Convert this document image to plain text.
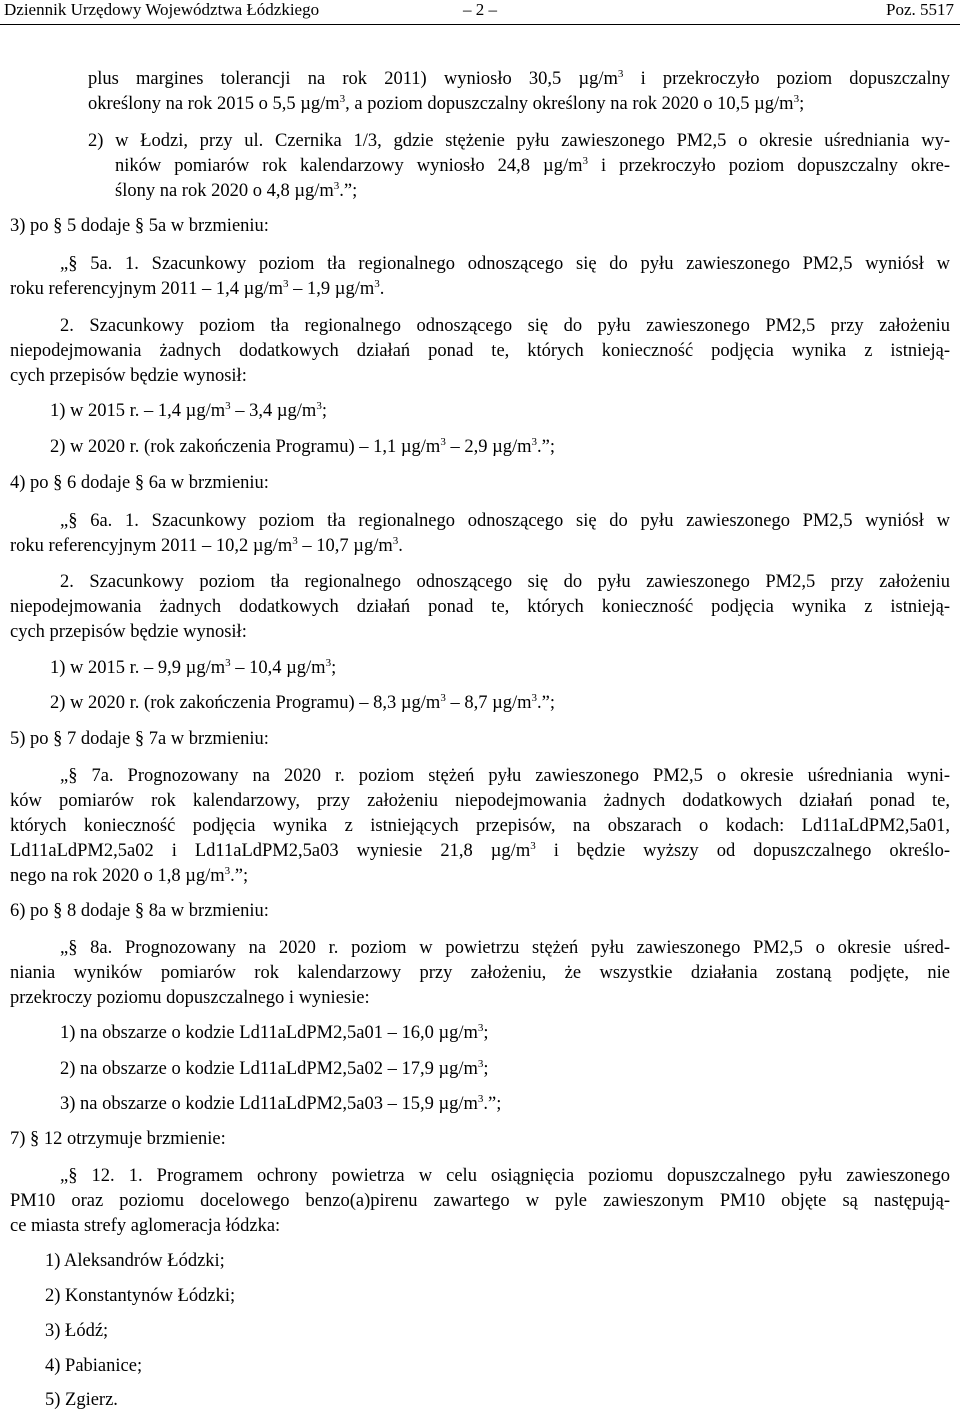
Dziennik Urzędowy Województwa Łódzkiego	– 2 –	Poz. 5517
plus margines tolerancji na rok 2011) wyniosło 30,5 $\mu g/m^3$ i przekroczyło poziom dopuszczalny
określony na rok 2015 o 5,5 $\mu g/m^3$, a poziom dopuszczalny określony na rok 2020 o 10,5 $\mu g/m^3$;
2) w Łodzi, przy ul. Czernika 1/3, gdzie stężenie pyłu zawieszonego PM2,5 o okresie uśredniania wy-
ników pomiarów rok kalendarzowy wyniosło 24,8 $\mu g/m^3$ i przekroczyło poziom dopuszczalny okre-
ślony na rok 2020 o 4,8 $\mu g/m^3$.”;
3) po § 5 dodaje § 5a w brzmieniu:
„§ 5a. 1. Szacunkowy poziom tła regionalnego odnoszącego się do pyłu zawieszonego PM2,5 wyniósł w
roku referencyjnym 2011 – 1,4 $\mu g/m^3 - 1,9$ $\mu g/m^3$.
2. Szacunkowy poziom tła regionalnego odnoszącego się do pyłu zawieszonego PM2,5 przy założeniu
niepodejmowania żadnych dodatkowych działań ponad te, których konieczność podjęcia wynika z istnieją-
cych przepisów będzie wynosił:
1) w 2015 r. – 1,4 $\mu g/m^3 - 3,4$ $\mu g/m^3$;
2) w 2020 r. (rok zakończenia Programu) – 1,1 $\mu g/m^3 - 2,9$ $\mu g/m^3$.”;
4) po § 6 dodaje § 6a w brzmieniu:
„§ 6a. 1. Szacunkowy poziom tła regionalnego odnoszącego się do pyłu zawieszonego PM2,5 wyniósł w
roku referencyjnym 2011 – 10,2 $\mu g/m^3 - 10,7$ $\mu g/m^3$.
2. Szacunkowy poziom tła regionalnego odnoszącego się do pyłu zawieszonego PM2,5 przy założeniu
niepodejmowania żadnych dodatkowych działań ponad te, których konieczność podjęcia wynika z istnieją-
cych przepisów będzie wynosił:
1) w 2015 r. – 9,9 $\mu g/m^3 - 10,4$ $\mu g/m^3$;
2) w 2020 r. (rok zakończenia Programu) – 8,3 $\mu g/m^3 - 8,7$ $\mu g/m^3$.”;
5) po § 7 dodaje § 7a w brzmieniu:
„§ 7a. Prognozowany na 2020 r. poziom stężeń pyłu zawieszonego PM2,5 o okresie uśredniania wyni-
ków pomiarów rok kalendarzowy, przy założeniu niepodejmowania żadnych dodatkowych działań ponad te,
których konieczność podjęcia wynika z istniejących przepisów, na obszarach o kodach: Ld11aLdPM2,5a01,
Ld11aLdPM2,5a02 i Ld11aLdPM2,5a03 wyniesie 21,8 $\mu g/m^3$ i będzie wyższy od dopuszczalnego określo-
nego na rok 2020 o 1,8 $\mu g/m^3$.”;
6) po § 8 dodaje § 8a w brzmieniu:
„§ 8a. Prognozowany na 2020 r. poziom w powietrzu stężeń pyłu zawieszonego PM2,5 o okresie uśred-
niania wyników pomiarów rok kalendarzowy przy założeniu, że wszystkie działania zostaną podjęte, nie
przekroczy poziomu dopuszczalnego i wyniesie:
1) na obszarze o kodzie Ld11aLdPM2,5a01 – 16,0 $\mu g/m^3$;
2) na obszarze o kodzie Ld11aLdPM2,5a02 – 17,9 $\mu g/m^3$;
3) na obszarze o kodzie Ld11aLdPM2,5a03 – 15,9 $\mu g/m^3$.”;
7) § 12 otrzymuje brzmienie:
„§ 12. 1. Programem ochrony powietrza w celu osiągnięcia poziomu dopuszczalnego pyłu zawieszonego
PM10 oraz poziomu docelowego benzo(a)pirenu zawartego w pyle zawieszonym PM10 objęte są następują-
ce miasta strefy aglomeracja łódzka:
1) Aleksandrów Łódzki;
2) Konstantynów Łódzki;
3) Łódź;
4) Pabianice;
5) Zgierz.
